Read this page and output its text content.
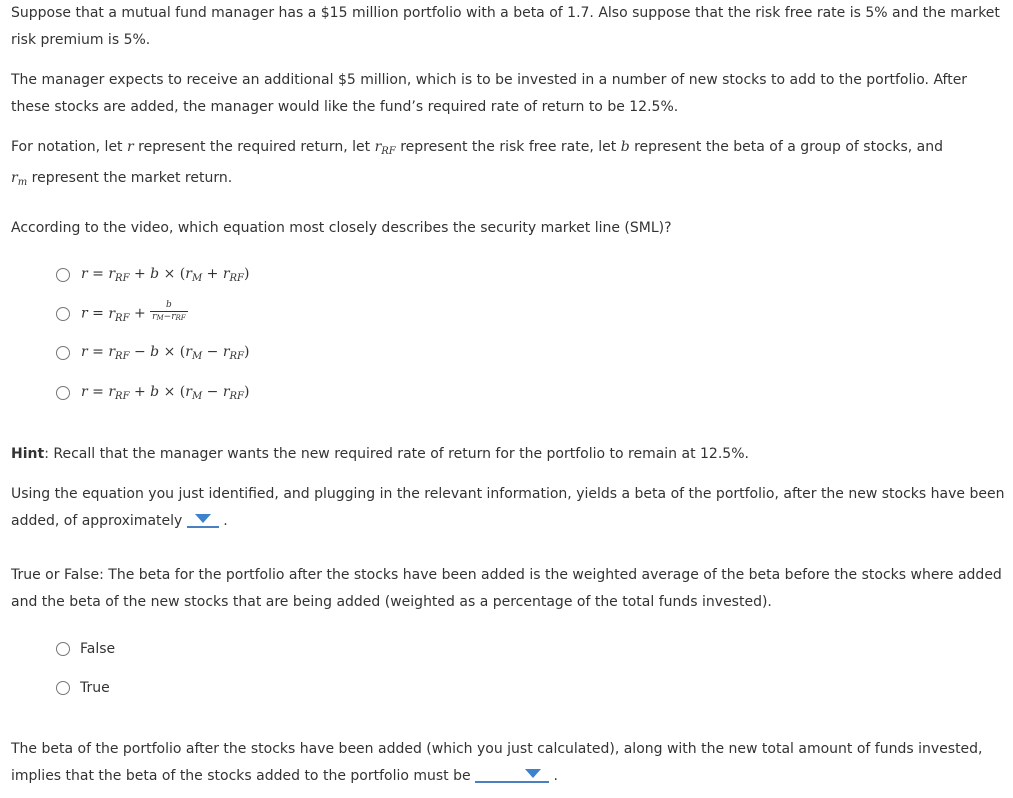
Suppose that a mutual fund manager has a $15 million portfolio with a beta of 1.7. Also suppose that the risk free rate is 5% and the market risk premium is 5%.

The manager expects to receive an additional $5 million, which is to be invested in a number of new stocks to add to the portfolio. After these stocks are added, the manager would like the fund’s required rate of return to be 12.5%.

For notation, let r represent the required return, let $r_{RF}$ represent the risk free rate, let b represent the beta of a group of stocks, and
$r_m$ represent the market return.

According to the video, which equation most closely describes the security market line (SML)?

$r = r_{RF} + b \times (r_M + r_{RF})$
$r = r_{RF} + \frac{b}{\text{rM−rRF}}$
$r = r_{RF} - b \times (r_M - r_{RF})$
$r = r_{RF} + b \times (r_M - r_{RF})$

Hint: Recall that the manager wants the new required rate of return for the portfolio to remain at 12.5%.

Using the equation you just identified, and plugging in the relevant information, yields a beta of the portfolio, after the new stocks have been added, of approximately	.

True or False: The beta for the portfolio after the stocks have been added is the weighted average of the beta before the stocks where added and the beta of the new stocks that are being added (weighted as a percentage of the total funds invested).

False
True

The beta of the portfolio after the stocks have been added (which you just calculated), along with the new total amount of funds invested, implies that the beta of the stocks added to the portfolio must be	.
